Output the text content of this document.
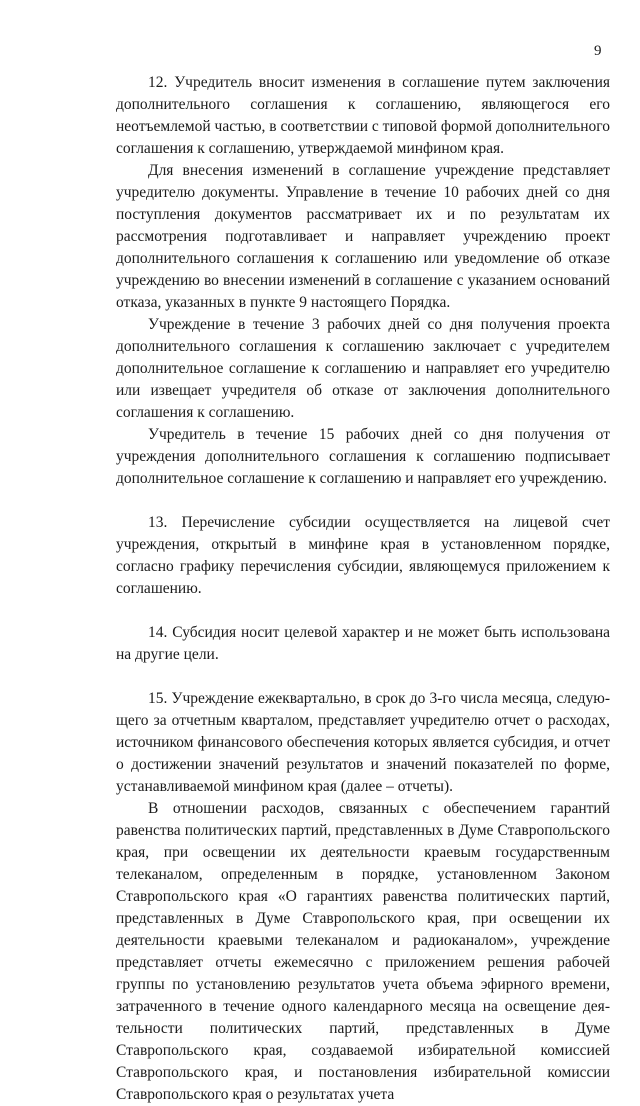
9

12. Учредитель вносит изменения в соглашение путем заключения дополнительного соглашения к соглашению, являющегося его неотъемлемой частью, в соответствии с типовой формой дополнительного соглашения к соглашению, утверждаемой минфином края.

Для внесения изменений в соглашение учреждение представляет учредителю документы. Управление в течение 10 рабочих дней со дня поступления документов рассматривает их и по результатам их рассмотрения подготавливает и направляет учреждению проект дополнительного соглашения к соглашению или уведомление об отказе учреждению во внесении изменений в соглашение с указанием оснований отказа, указанных в пункте 9 настоящего Порядка.

Учреждение в течение 3 рабочих дней со дня получения проекта дополнительного соглашения к соглашению заключает с учредителем дополнительное соглашение к соглашению и направляет его учредителю или извещает учредителя об отказе от заключения дополнительного соглашения к соглашению.

Учредитель в течение 15 рабочих дней со дня получения от учреждения дополнительного соглашения к соглашению подписывает дополнительное соглашение к соглашению и направляет его учреждению.

13. Перечисление субсидии осуществляется на лицевой счет учреждения, открытый в минфине края в установленном порядке, согласно графику перечисления субсидии, являющемуся приложением к соглашению.

14. Субсидия носит целевой характер и не может быть использована на другие цели.

15. Учреждение ежеквартально, в срок до 3-го числа месяца, следующего за отчетным кварталом, представляет учредителю отчет о расходах, источником финансового обеспечения которых является субсидия, и отчет о достижении значений результатов и значений показателей по форме, устанавливаемой минфином края (далее – отчеты).

В отношении расходов, связанных с обеспечением гарантий равенства политических партий, представленных в Думе Ставропольского края, при освещении их деятельности краевым государственным телеканалом, определенным в порядке, установленном Законом Ставропольского края «О гарантиях равенства политических партий, представленных в Думе Ставропольского края, при освещении их деятельности краевыми телеканалом и радиоканалом», учреждение представляет отчеты ежемесячно с приложением решения рабочей группы по установлению результатов учета объема эфирного времени, затраченного в течение одного календарного месяца на освещение деятельности политических партий, представленных в Думе Ставропольского края, создаваемой избирательной комиссией Ставропольского края, и постановления избирательной комиссии Ставропольского края о результатах учета
